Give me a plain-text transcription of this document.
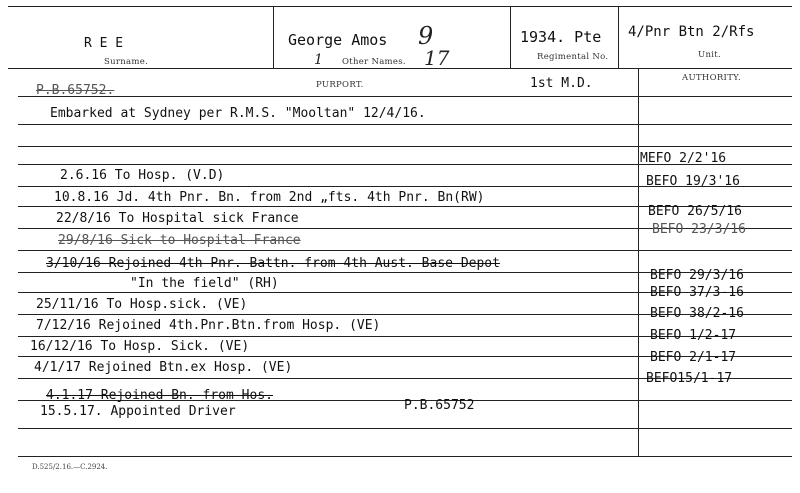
R E E
Surname.
George Amos 9
1 Other Names. 17
1934. Pte
Regimental No.
4/Pnr Btn 2/Rfs
Unit.
PURPORT.
AUTHORITY.
1st M.D.
P.B.65752.
Embarked at Sydney per R.M.S. "Mooltan" 12/4/16.
2.6.16 To Hosp. (V.D)
10.8.16 Jd. 4th Pnr. Bn. from 2nd „fts. 4th Pnr. Bn(RW)
22/8/16 To Hospital sick France
29/8/16 Sick to Hospital France
3/10/16 Rejoined 4th Pnr. Battn. from 4th Aust. Base Depot
"In the field" (RH)
25/11/16 To Hosp.sick. (VE)
7/12/16 Rejoined 4th.Pnr.Btn.from Hosp. (VE)
16/12/16 To Hosp. Sick. (VE)
4/1/17 Rejoined Btn.ex Hosp. (VE)
4.1.17 Rejoined Bn. from Hos.
15.5.17. Appointed Driver	P.B.65752
MEFO 2/2'16
BEFO 19/3'16
BEFO 26/5/16
BEFO 23/3/16
BEFO 29/3/16
BEFO 37/3-16
BEFO 38/2-16
BEFO 1/2-17
BEFO 2/1-17
BEFO15/1-17
D.525/2.16.—C.2924.
